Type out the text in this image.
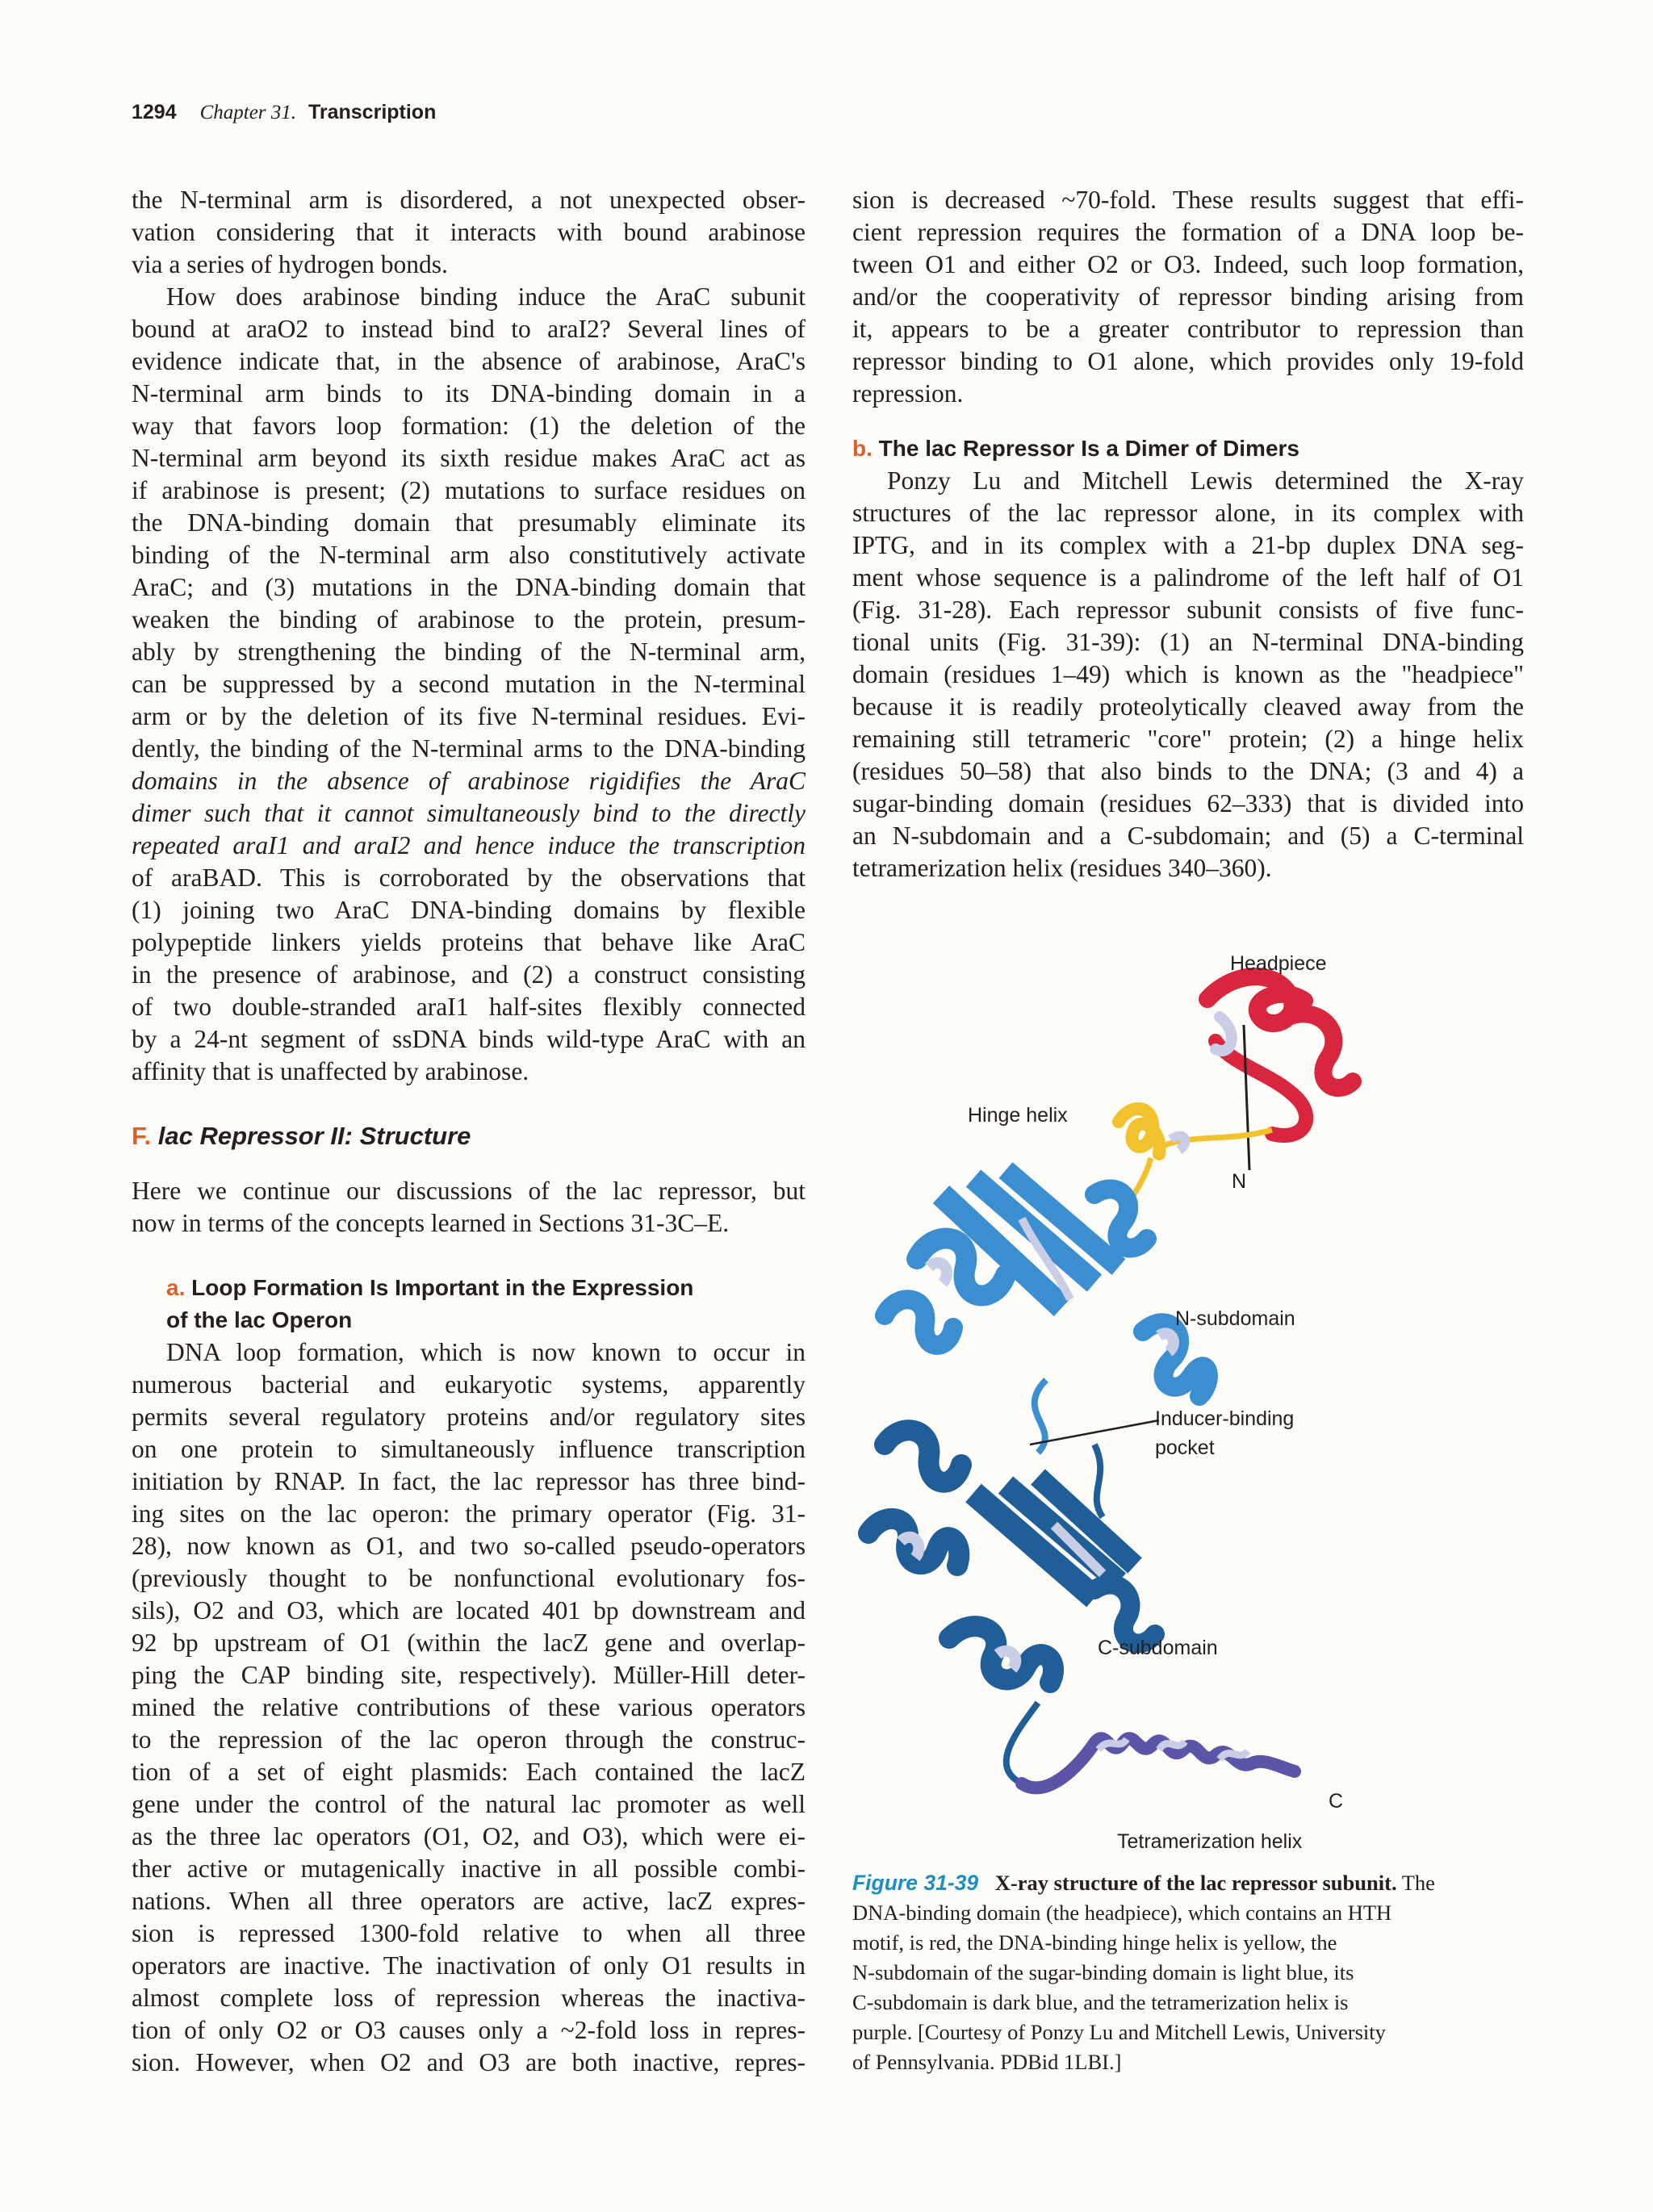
1294 Chapter 31. Transcription
the N-terminal arm is disordered, a not unexpected obser-
vation considering that it interacts with bound arabinose
via a series of hydrogen bonds.
How does arabinose binding induce the AraC subunit
bound at araO2 to instead bind to araI2? Several lines of
evidence indicate that, in the absence of arabinose, AraC's
N-terminal arm binds to its DNA-binding domain in a
way that favors loop formation: (1) the deletion of the
N-terminal arm beyond its sixth residue makes AraC act as
if arabinose is present; (2) mutations to surface residues on
the DNA-binding domain that presumably eliminate its
binding of the N-terminal arm also constitutively activate
AraC; and (3) mutations in the DNA-binding domain that
weaken the binding of arabinose to the protein, presum-
ably by strengthening the binding of the N-terminal arm,
can be suppressed by a second mutation in the N-terminal
arm or by the deletion of its five N-terminal residues. Evi-
dently, the binding of the N-terminal arms to the DNA-binding
domains in the absence of arabinose rigidifies the AraC
dimer such that it cannot simultaneously bind to the directly
repeated araI1 and araI2 and hence induce the transcription
of araBAD. This is corroborated by the observations that
(1) joining two AraC DNA-binding domains by flexible
polypeptide linkers yields proteins that behave like AraC
in the presence of arabinose, and (2) a construct consisting
of two double-stranded araI1 half-sites flexibly connected
by a 24-nt segment of ssDNA binds wild-type AraC with an
affinity that is unaffected by arabinose.
F. lac Repressor II: Structure
Here we continue our discussions of the lac repressor, but
now in terms of the concepts learned in Sections 31-3C–E.
a. Loop Formation Is Important in the Expression
of the lac Operon
DNA loop formation, which is now known to occur in
numerous bacterial and eukaryotic systems, apparently
permits several regulatory proteins and/or regulatory sites
on one protein to simultaneously influence transcription
initiation by RNAP. In fact, the lac repressor has three bind-
ing sites on the lac operon: the primary operator (Fig. 31-
28), now known as O1, and two so-called pseudo-operators
(previously thought to be nonfunctional evolutionary fos-
sils), O2 and O3, which are located 401 bp downstream and
92 bp upstream of O1 (within the lacZ gene and overlap-
ping the CAP binding site, respectively). Müller-Hill deter-
mined the relative contributions of these various operators
to the repression of the lac operon through the construc-
tion of a set of eight plasmids: Each contained the lacZ
gene under the control of the natural lac promoter as well
as the three lac operators (O1, O2, and O3), which were ei-
ther active or mutagenically inactive in all possible combi-
nations. When all three operators are active, lacZ expres-
sion is repressed 1300-fold relative to when all three
operators are inactive. The inactivation of only O1 results in
almost complete loss of repression whereas the inactiva-
tion of only O2 or O3 causes only a ~2-fold loss in repres-
sion. However, when O2 and O3 are both inactive, repres-
sion is decreased ~70-fold. These results suggest that effi-
cient repression requires the formation of a DNA loop be-
tween O1 and either O2 or O3. Indeed, such loop formation,
and/or the cooperativity of repressor binding arising from
it, appears to be a greater contributor to repression than
repressor binding to O1 alone, which provides only 19-fold
repression.
b. The lac Repressor Is a Dimer of Dimers
Ponzy Lu and Mitchell Lewis determined the X-ray
structures of the lac repressor alone, in its complex with
IPTG, and in its complex with a 21-bp duplex DNA seg-
ment whose sequence is a palindrome of the left half of O1
(Fig. 31-28). Each repressor subunit consists of five func-
tional units (Fig. 31-39): (1) an N-terminal DNA-binding
domain (residues 1–49) which is known as the "headpiece"
because it is readily proteolytically cleaved away from the
remaining still tetrameric "core" protein; (2) a hinge helix
(residues 50–58) that also binds to the DNA; (3 and 4) a
sugar-binding domain (residues 62–333) that is divided into
an N-subdomain and a C-subdomain; and (5) a C-terminal
tetramerization helix (residues 340–360).
Headpiece
Hinge helix
N
N-subdomain
Inducer-binding
pocket
C-subdomain
C
Tetramerization helix
Figure 31-39 X-ray structure of the lac repressor subunit. The
DNA-binding domain (the headpiece), which contains an HTH
motif, is red, the DNA-binding hinge helix is yellow, the
N-subdomain of the sugar-binding domain is light blue, its
C-subdomain is dark blue, and the tetramerization helix is
purple. [Courtesy of Ponzy Lu and Mitchell Lewis, University
of Pennsylvania. PDBid 1LBI.]
